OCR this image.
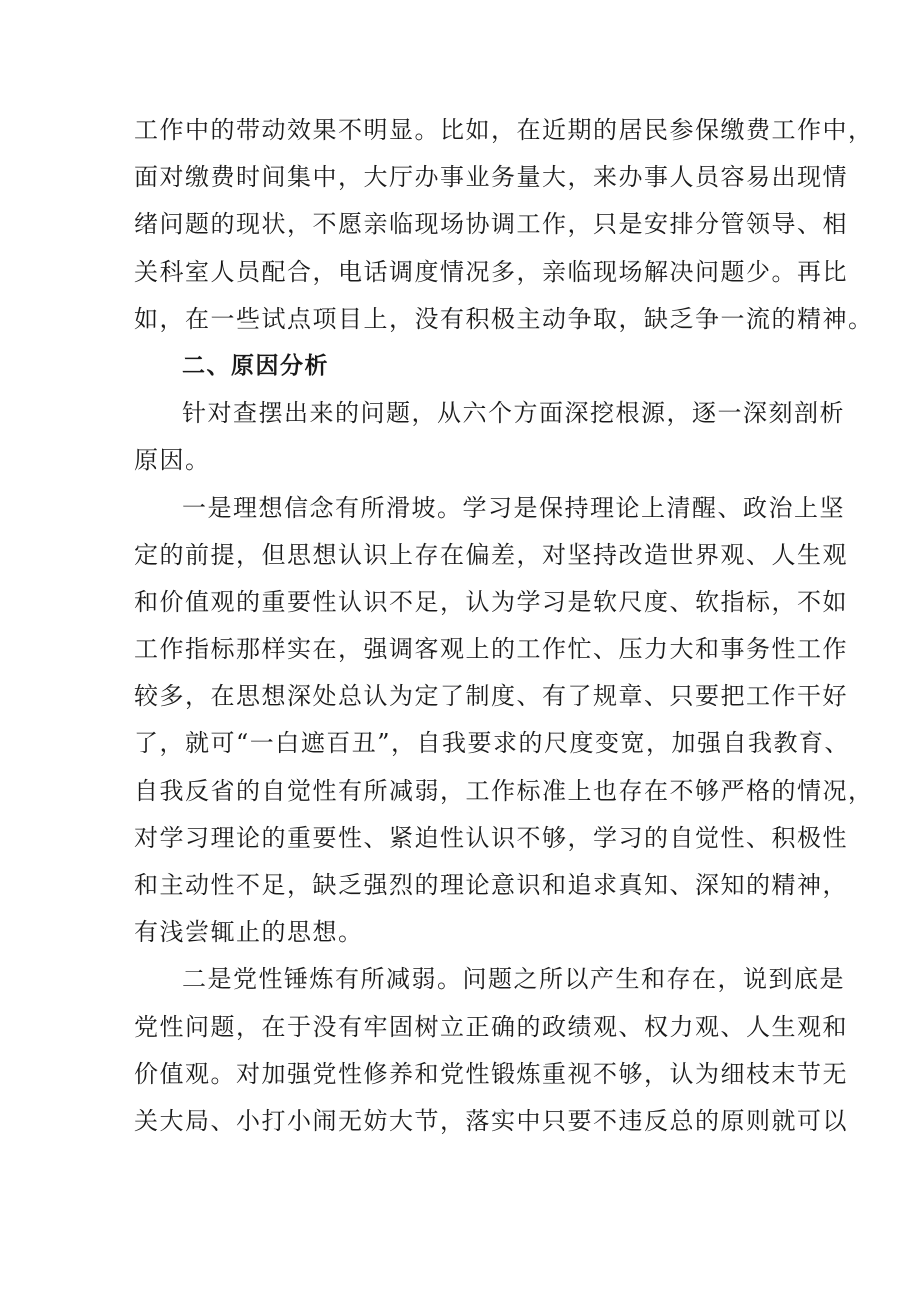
工作中的带动效果不明显。比如，在近期的居民参保缴费工作中，
面对缴费时间集中，大厅办事业务量大，来办事人员容易出现情
绪问题的现状，不愿亲临现场协调工作，只是安排分管领导、相
关科室人员配合，电话调度情况多，亲临现场解决问题少。再比
如，在一些试点项目上，没有积极主动争取，缺乏争一流的精神。
二、原因分析
针对查摆出来的问题，从六个方面深挖根源，逐一深刻剖析
原因。
一是理想信念有所滑坡。学习是保持理论上清醒、政治上坚
定的前提，但思想认识上存在偏差，对坚持改造世界观、人生观
和价值观的重要性认识不足，认为学习是软尺度、软指标，不如
工作指标那样实在，强调客观上的工作忙、压力大和事务性工作
较多，在思想深处总认为定了制度、有了规章、只要把工作干好
了，就可“一白遮百丑”，自我要求的尺度变宽，加强自我教育、
自我反省的自觉性有所减弱，工作标准上也存在不够严格的情况，
对学习理论的重要性、紧迫性认识不够，学习的自觉性、积极性
和主动性不足，缺乏强烈的理论意识和追求真知、深知的精神，
有浅尝辄止的思想。
二是党性锤炼有所减弱。问题之所以产生和存在，说到底是
党性问题，在于没有牢固树立正确的政绩观、权力观、人生观和
价值观。对加强党性修养和党性锻炼重视不够，认为细枝末节无
关大局、小打小闹无妨大节，落实中只要不违反总的原则就可以
